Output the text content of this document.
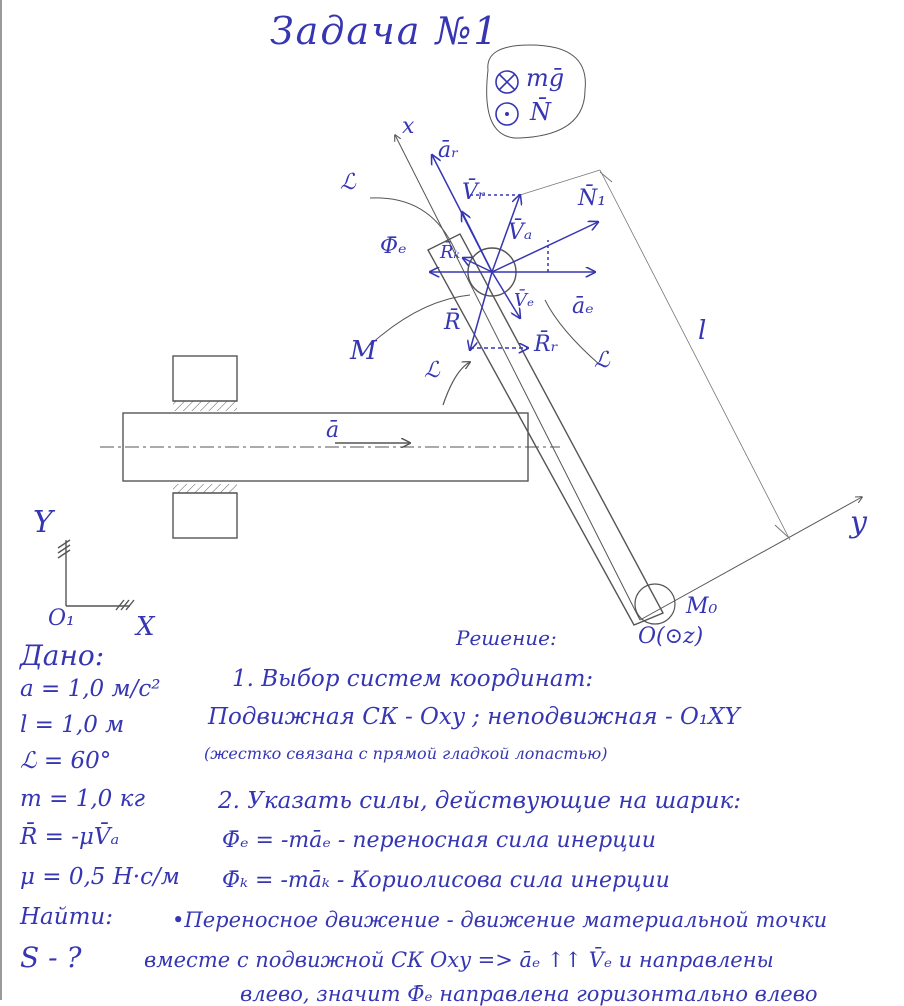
Задача №1
mḡ
N̄
x
y
Y
X
O₁
O(⊙z)
M₀
ℒ
ℒ	ℒ
M
l
ā
āᵣ
V̄ᵣ
V̄ₐ
N̄₁
Φ̄ₑ R̄ₖ
R̄
V̄ₑ āₑ
R̄ᵣ
Дано:
a = 1,0 м/с²
l = 1,0 м
ℒ = 60°
m = 1,0 кг
R̄ = -μV̄ₐ
μ = 0,5 Н·с/м
Найти:
S - ?
Решение:
1. Выбор систем координат:
Подвижная СК - Oxy ; неподвижная - O₁XY
(жестко связана с прямой гладкой лопастью)
2. Указать силы, действующие на шарик:
Φ̄ₑ = -māₑ - переносная сила инерции
Φ̄ₖ = -māₖ - Кориолисова сила инерции
•Переносное движение - движение материальной точки
вместе с подвижной СК Oxy => āₑ ↑↑ V̄ₑ и направлены
влево, значит Φ̄ₑ направлена горизонтально влево
